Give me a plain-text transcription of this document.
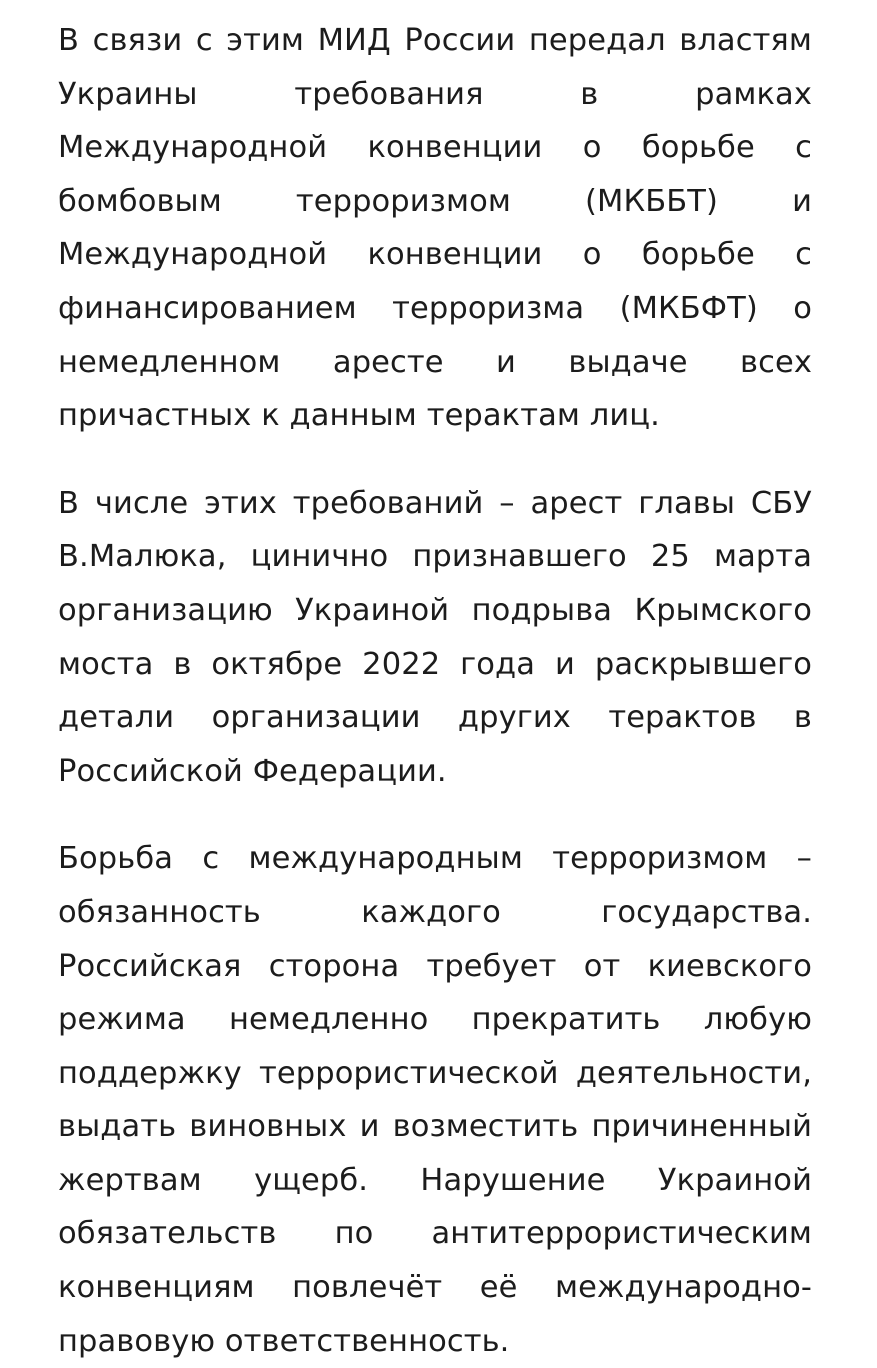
В связи с этим МИД России передал властям Украины требования в рамках Международной конвенции о борьбе с бомбовым терроризмом (МКББТ) и Международной конвенции о борьбе с финансированием терроризма (МКБФТ) о немедленном аресте и выдаче всех причастных к данным терактам лиц.

В числе этих требований – арест главы СБУ В.Малюка, цинично признавшего 25 марта организацию Украиной подрыва Крымского моста в октябре 2022 года и раскрывшего детали организации других терактов в Российской Федерации.

Борьба с международным терроризмом – обязанность каждого государства. Российская сторона требует от киевского режима немедленно прекратить любую поддержку террористической деятельности, выдать виновных и возместить причиненный жертвам ущерб. Нарушение Украиной обязательств по антитеррористическим конвенциям повлечёт её международно-правовую ответственность.
